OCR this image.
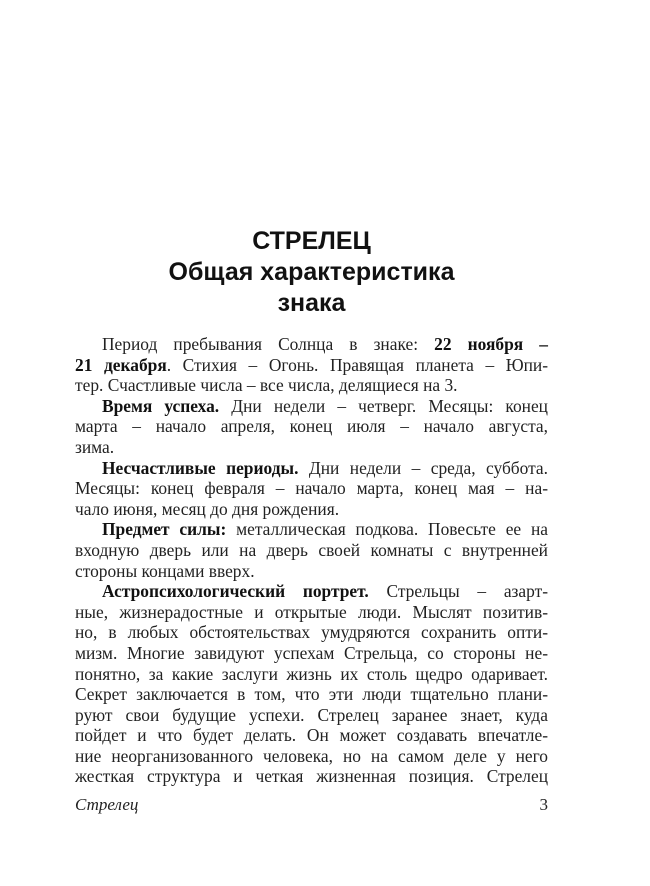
СТРЕЛЕЦ
Общая характеристика
знака
Период пребывания Солнца в знаке: 22 ноября –
21 декабря. Стихия – Огонь. Правящая планета – Юпи-
тер. Счастливые числа – все числа, делящиеся на 3.
Время успеха. Дни недели – четверг. Месяцы: конец
марта – начало апреля, конец июля – начало августа,
зима.
Несчастливые периоды. Дни недели – среда, суббота.
Месяцы: конец февраля – начало марта, конец мая – на-
чало июня, месяц до дня рождения.
Предмет силы: металлическая подкова. Повесьте ее на
входную дверь или на дверь своей комнаты с внутренней
стороны концами вверх.
Астропсихологический портрет. Стрельцы – азарт-
ные, жизнерадостные и открытые люди. Мыслят позитив-
но, в любых обстоятельствах умудряются сохранить опти-
мизм. Многие завидуют успехам Стрельца, со стороны не-
понятно, за какие заслуги жизнь их столь щедро одаривает.
Секрет заключается в том, что эти люди тщательно плани-
руют свои будущие успехи. Стрелец заранее знает, куда
пойдет и что будет делать. Он может создавать впечатле-
ние неорганизованного человека, но на самом деле у него
жесткая структура и четкая жизненная позиция. Стрелец
Стрелец	3
